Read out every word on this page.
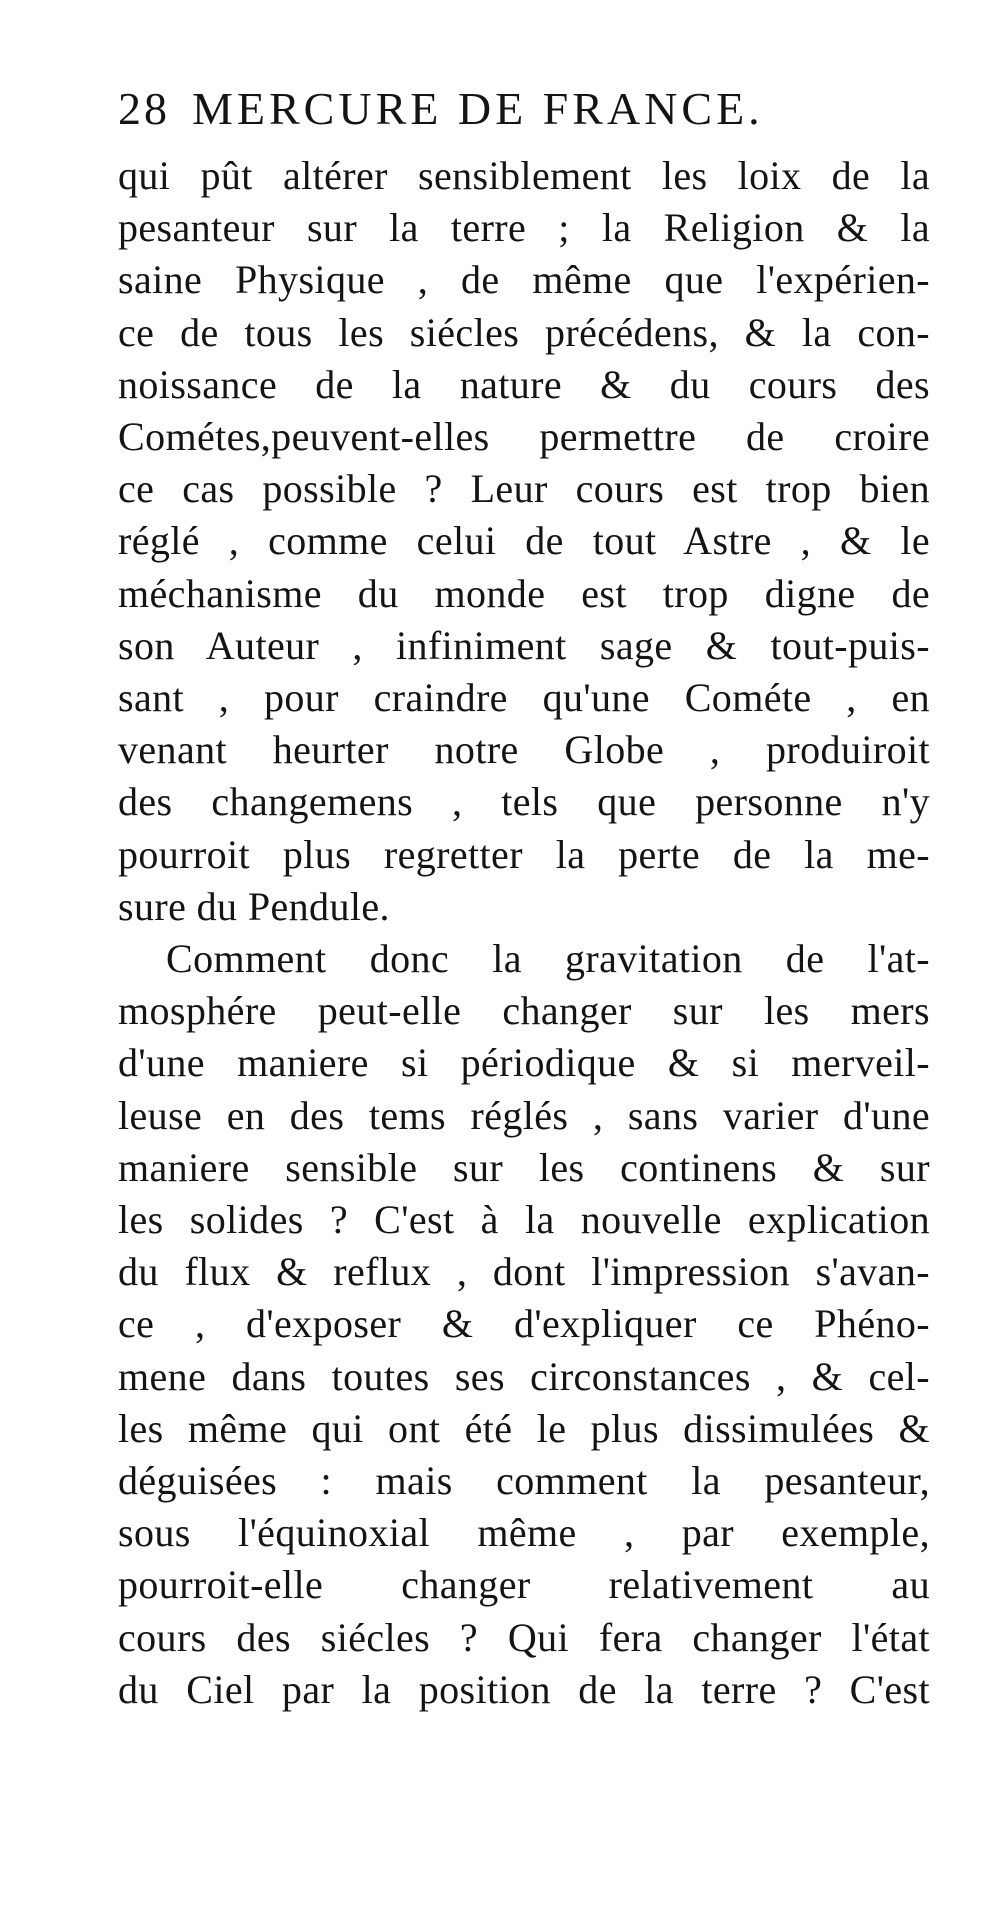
28 MERCURE DE FRANCE.
qui pût altérer sensiblement les loix de la
pesanteur sur la terre ; la Religion & la
saine Physique , de même que l'expérien-
ce de tous les siécles précédens, & la con-
noissance de la nature & du cours des
Cométes,peuvent-elles permettre de croire
ce cas possible ? Leur cours est trop bien
réglé , comme celui de tout Astre , & le
méchanisme du monde est trop digne de
son Auteur , infiniment sage & tout-puis-
sant , pour craindre qu'une Cométe , en
venant heurter notre Globe , produiroit
des changemens , tels que personne n'y
pourroit plus regretter la perte de la me-
sure du Pendule.
Comment donc la gravitation de l'at-
mosphére peut-elle changer sur les mers
d'une maniere si périodique & si merveil-
leuse en des tems réglés , sans varier d'une
maniere sensible sur les continens & sur
les solides ? C'est à la nouvelle explication
du flux & reflux , dont l'impression s'avan-
ce , d'exposer & d'expliquer ce Phéno-
mene dans toutes ses circonstances , & cel-
les même qui ont été le plus dissimulées &
déguisées : mais comment la pesanteur,
sous l'équinoxial même , par exemple,
pourroit-elle changer relativement au
cours des siécles ? Qui fera changer l'état
du Ciel par la position de la terre ? C'est
